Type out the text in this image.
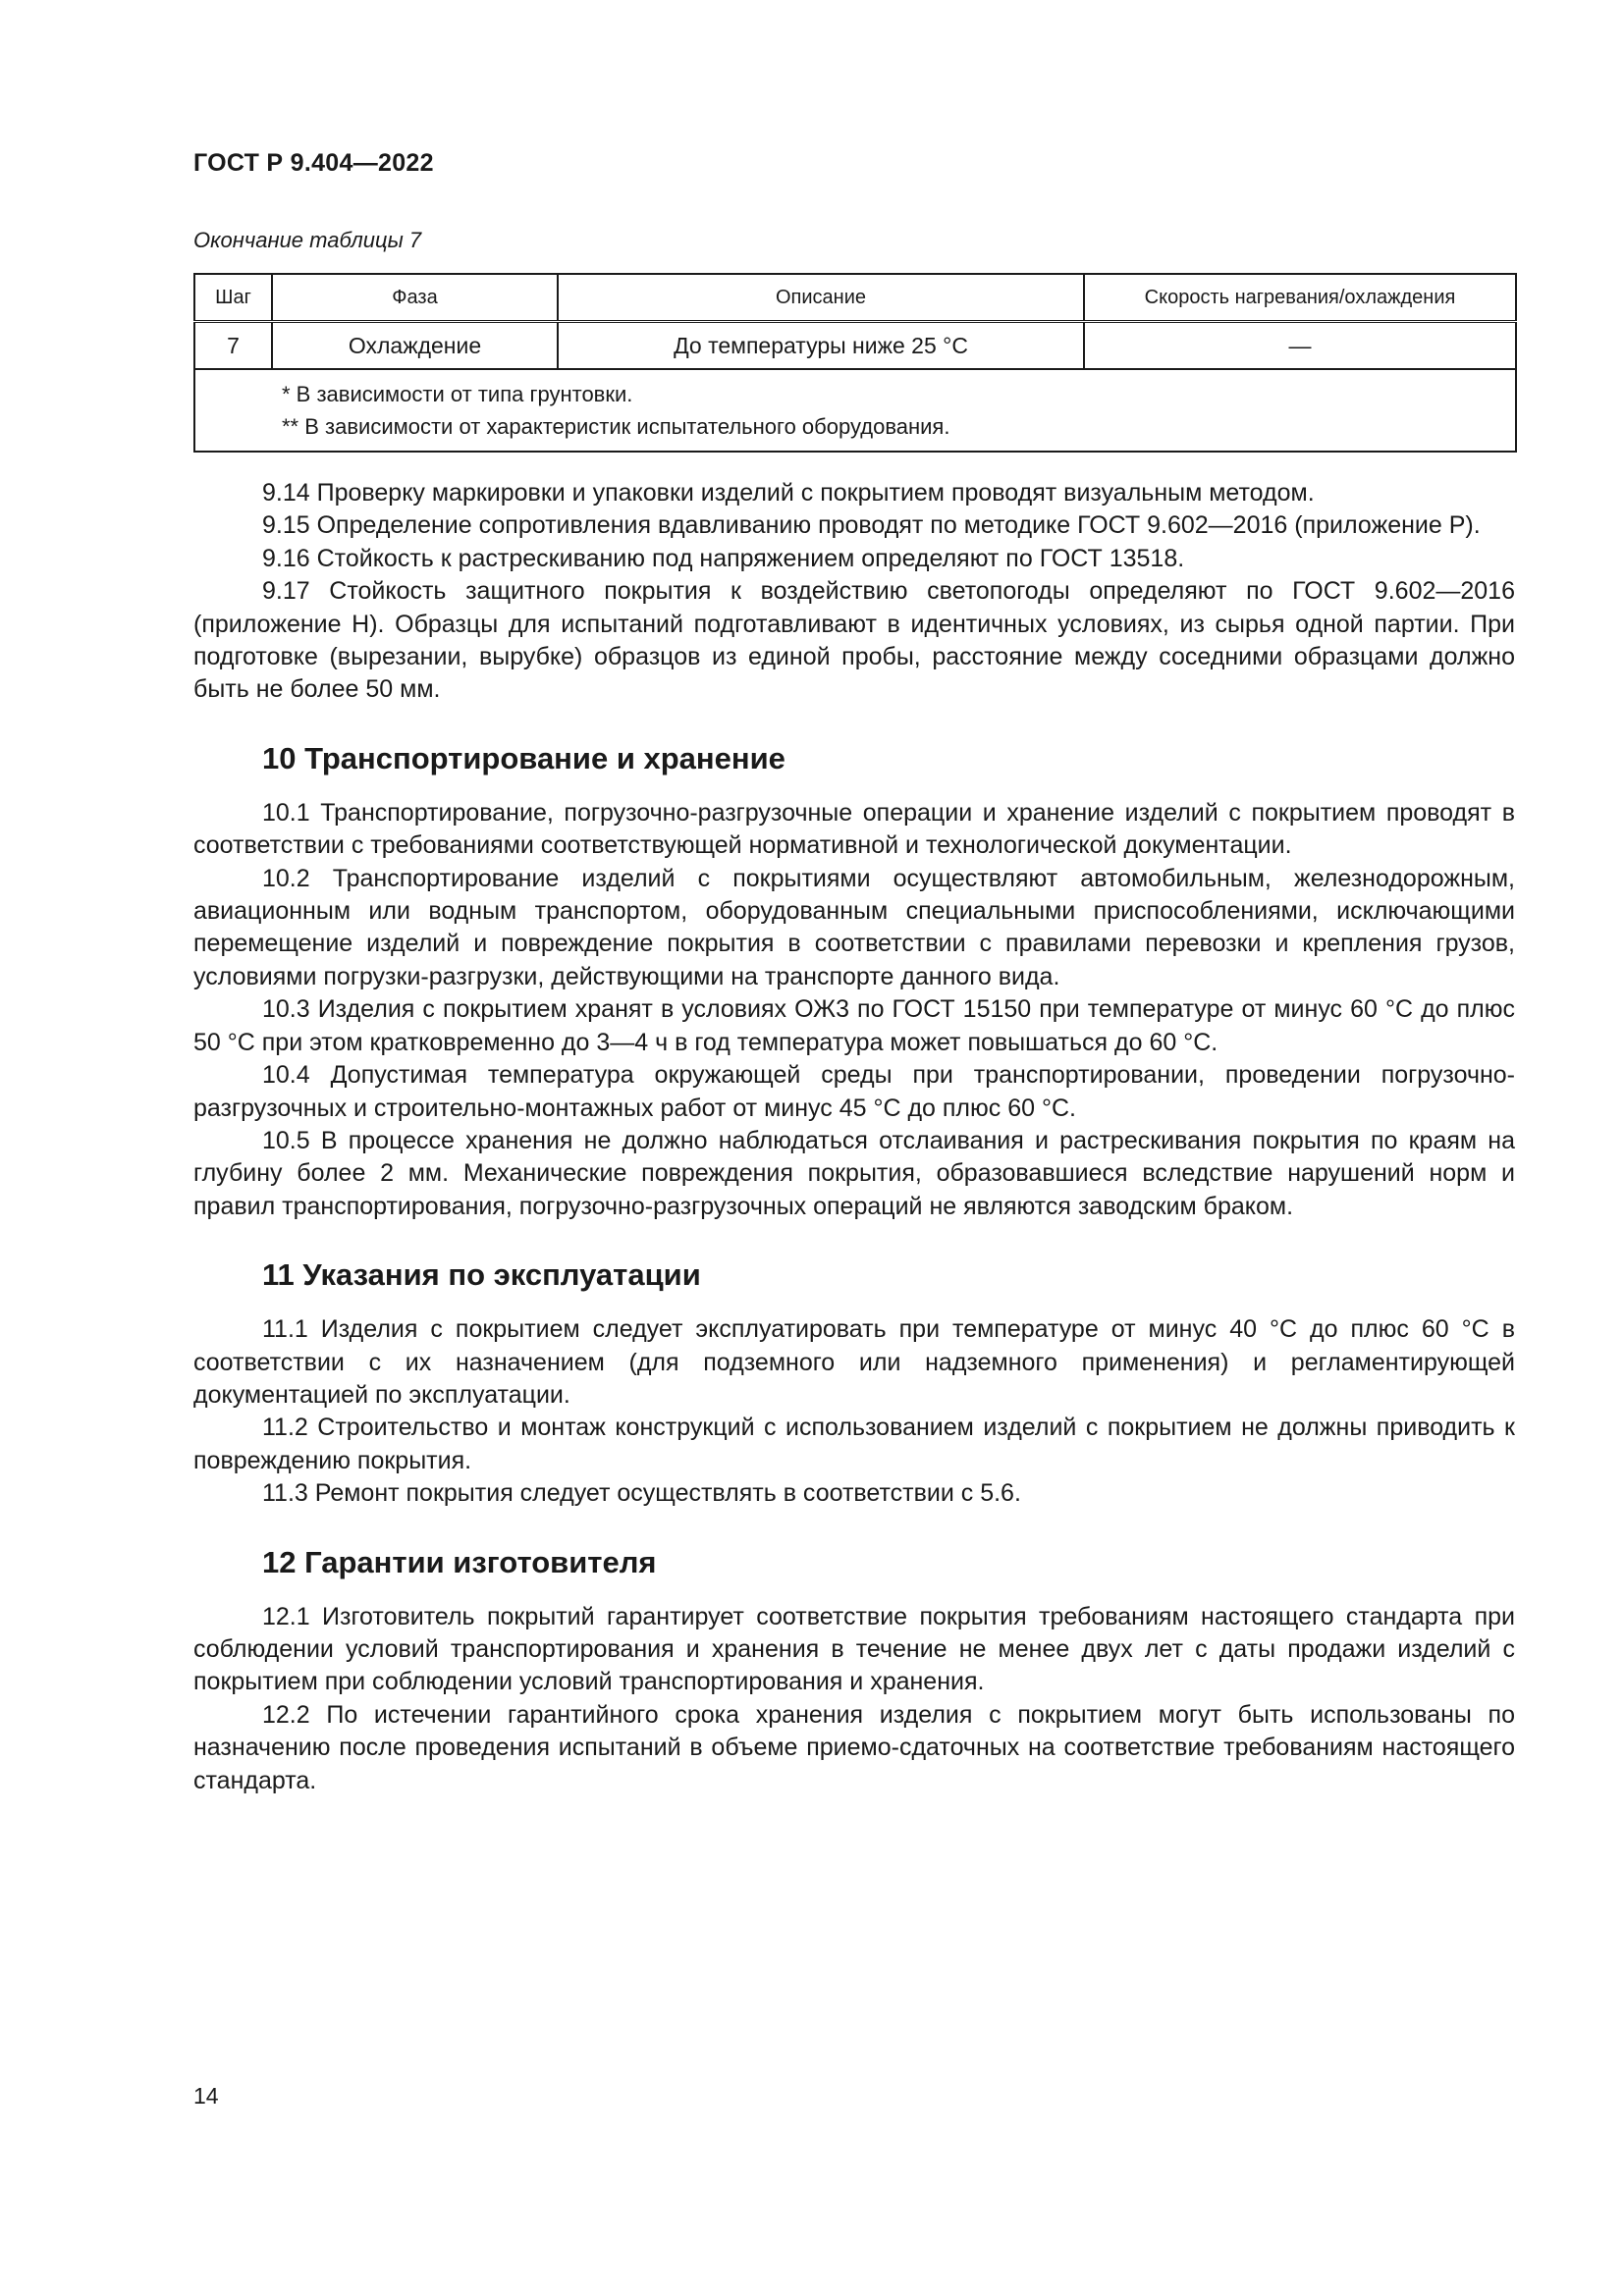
ГОСТ Р 9.404—2022
Окончание таблицы 7
Шаг	Фаза	Описание	Скорость нагревания/охлаждения
7	Охлаждение	До температуры ниже 25 °C	—

* В зависимости от типа грунтовки.
** В зависимости от характеристик испытательного оборудования.			

9.14 Проверку маркировки и упаковки изделий с покрытием проводят визуальным методом.

9.15 Определение сопротивления вдавливанию проводят по методике ГОСТ 9.602—2016 (приложение Р).

9.16 Стойкость к растрескиванию под напряжением определяют по ГОСТ 13518.

9.17 Стойкость защитного покрытия к воздействию светопогоды определяют по ГОСТ 9.602—2016 (приложение Н). Образцы для испытаний подготавливают в идентичных условиях, из сырья одной партии. При подготовке (вырезании, вырубке) образцов из единой пробы, расстояние между соседними образцами должно быть не более 50 мм.

10 Транспортирование и хранение

10.1 Транспортирование, погрузочно-разгрузочные операции и хранение изделий с покрытием проводят в соответствии с требованиями соответствующей нормативной и технологической документации.

10.2 Транспортирование изделий с покрытиями осуществляют автомобильным, железнодорожным, авиационным или водным транспортом, оборудованным специальными приспособлениями, исключающими перемещение изделий и повреждение покрытия в соответствии с правилами перевозки и крепления грузов, условиями погрузки-разгрузки, действующими на транспорте данного вида.

10.3 Изделия с покрытием хранят в условиях ОЖ3 по ГОСТ 15150 при температуре от минус 60 °C до плюс 50 °C при этом кратковременно до 3—4 ч в год температура может повышаться до 60 °C.

10.4 Допустимая температура окружающей среды при транспортировании, проведении погрузочно-разгрузочных и строительно-монтажных работ от минус 45 °C до плюс 60 °C.

10.5 В процессе хранения не должно наблюдаться отслаивания и растрескивания покрытия по краям на глубину более 2 мм. Механические повреждения покрытия, образовавшиеся вследствие нарушений норм и правил транспортирования, погрузочно-разгрузочных операций не являются заводским браком.

11 Указания по эксплуатации

11.1 Изделия с покрытием следует эксплуатировать при температуре от минус 40 °C до плюс 60 °C в соответствии с их назначением (для подземного или надземного применения) и регламентирующей документацией по эксплуатации.

11.2 Строительство и монтаж конструкций с использованием изделий с покрытием не должны приводить к повреждению покрытия.

11.3 Ремонт покрытия следует осуществлять в соответствии с 5.6.

12 Гарантии изготовителя

12.1 Изготовитель покрытий гарантирует соответствие покрытия требованиям настоящего стандарта при соблюдении условий транспортирования и хранения в течение не менее двух лет с даты продажи изделий с покрытием при соблюдении условий транспортирования и хранения.

12.2 По истечении гарантийного срока хранения изделия с покрытием могут быть использованы по назначению после проведения испытаний в объеме приемо-сдаточных на соответствие требованиям настоящего стандарта.

14
